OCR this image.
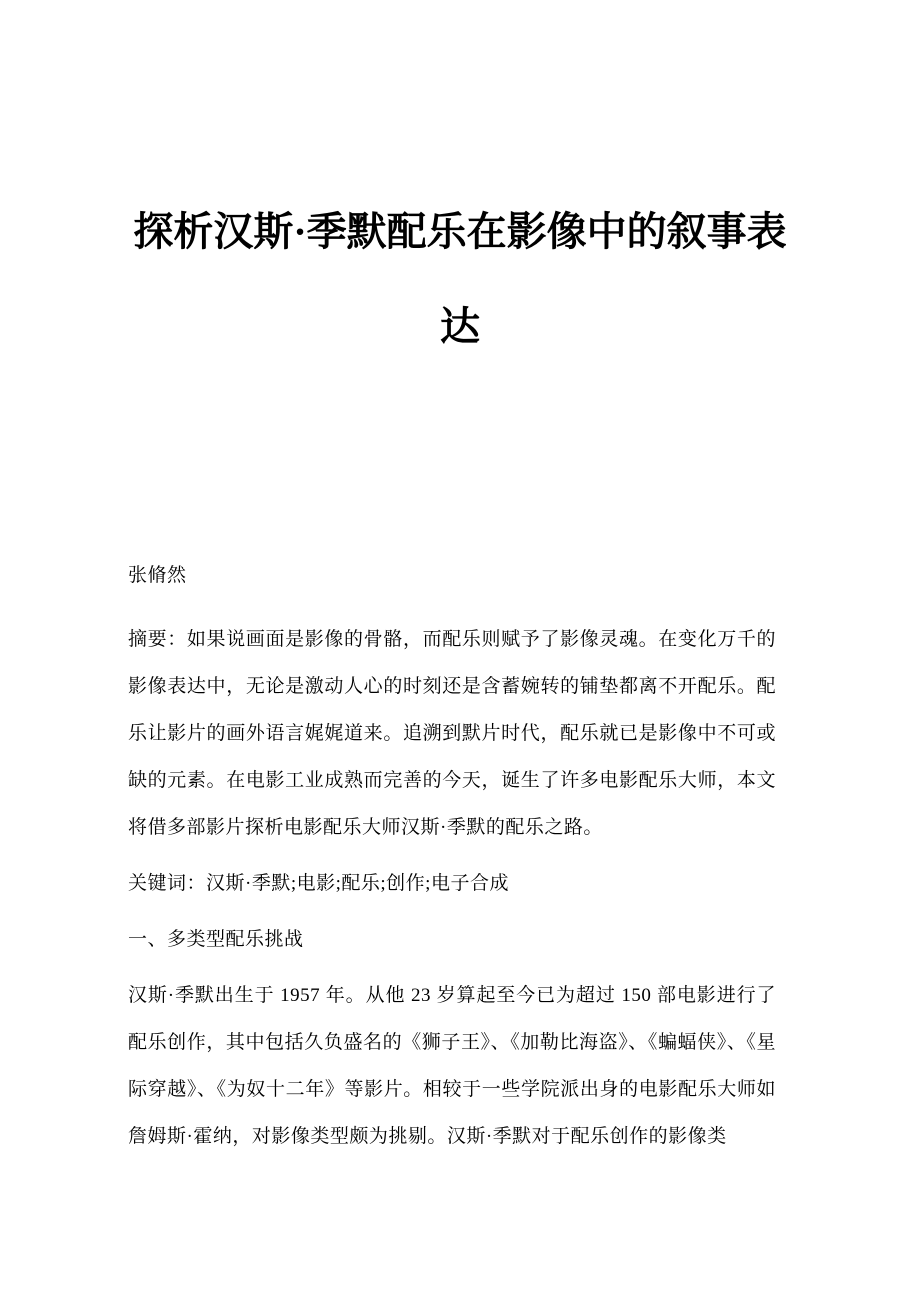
探析汉斯·季默配乐在影像中的叙事表
达

张脩然

摘要：如果说画面是影像的骨骼，而配乐则赋予了影像灵魂。在变化万千的影像表达中，无论是激动人心的时刻还是含蓄婉转的铺垫都离不开配乐。配乐让影片的画外语言娓娓道来。追溯到默片时代，配乐就已是影像中不可或缺的元素。在电影工业成熟而完善的今天，诞生了许多电影配乐大师，本文将借多部影片探析电影配乐大师汉斯·季默的配乐之路。

关键词：汉斯·季默;电影;配乐;创作;电子合成

一、多类型配乐挑战

汉斯·季默出生于 1957 年。从他 23 岁算起至今已为超过 150 部电影进行了配乐创作，其中包括久负盛名的《狮子王》、《加勒比海盗》、《蝙蝠侠》、《星际穿越》、《为奴十二年》等影片。相较于一些学院派出身的电影配乐大师如詹姆斯·霍纳，对影像类型颇为挑剔。汉斯·季默对于配乐创作的影像类
